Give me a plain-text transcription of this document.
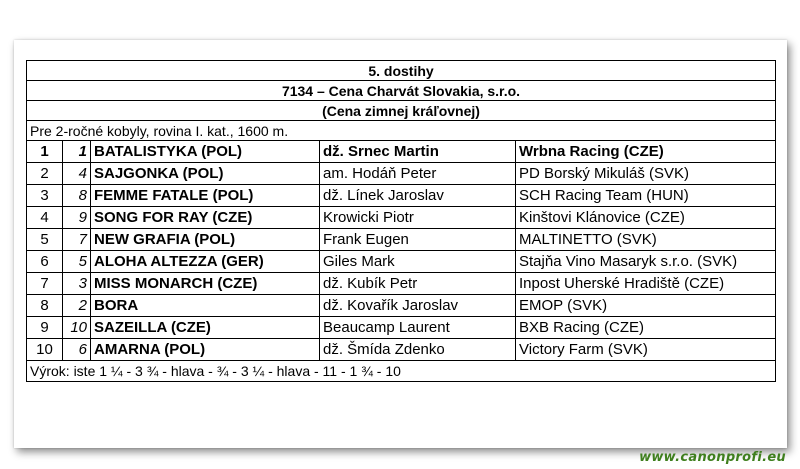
5. dostihy				
7134 – Cena Charvát Slovakia, s.r.o.				
(Cena zimnej kráľovnej)				
Pre 2-ročné kobyly, rovina I. kat., 1600 m.				
1	1	BATALISTYKA (POL)	dž. Srnec Martin	Wrbna Racing (CZE)
2	4	SAJGONKA (POL)	am. Hodáň Peter	PD Borský Mikuláš (SVK)
3	8	FEMME FATALE (POL)	dž. Línek Jaroslav	SCH Racing Team (HUN)
4	9	SONG FOR RAY (CZE)	Krowicki Piotr	Kinštovi Klánovice (CZE)
5	7	NEW GRAFIA (POL)	Frank Eugen	MALTINETTO (SVK)
6	5	ALOHA ALTEZZA (GER)	Giles Mark	Stajňa Vino Masaryk s.r.o. (SVK)
7	3	MISS MONARCH (CZE)	dž. Kubík Petr	Inpost Uherské Hradiště (CZE)
8	2	BORA	dž. Kovařík Jaroslav	EMOP (SVK)
9	10	SAZEILLA (CZE)	Beaucamp Laurent	BXB Racing (CZE)
10	6	AMARNA (POL)	dž. Šmída Zdenko	Victory Farm (SVK)
Výrok: iste 1 ¼ - 3 ¾ - hlava - ¾ - 3 ¼ - hlava - 11 - 1 ¾ - 10				
www.canonprofi.eu
